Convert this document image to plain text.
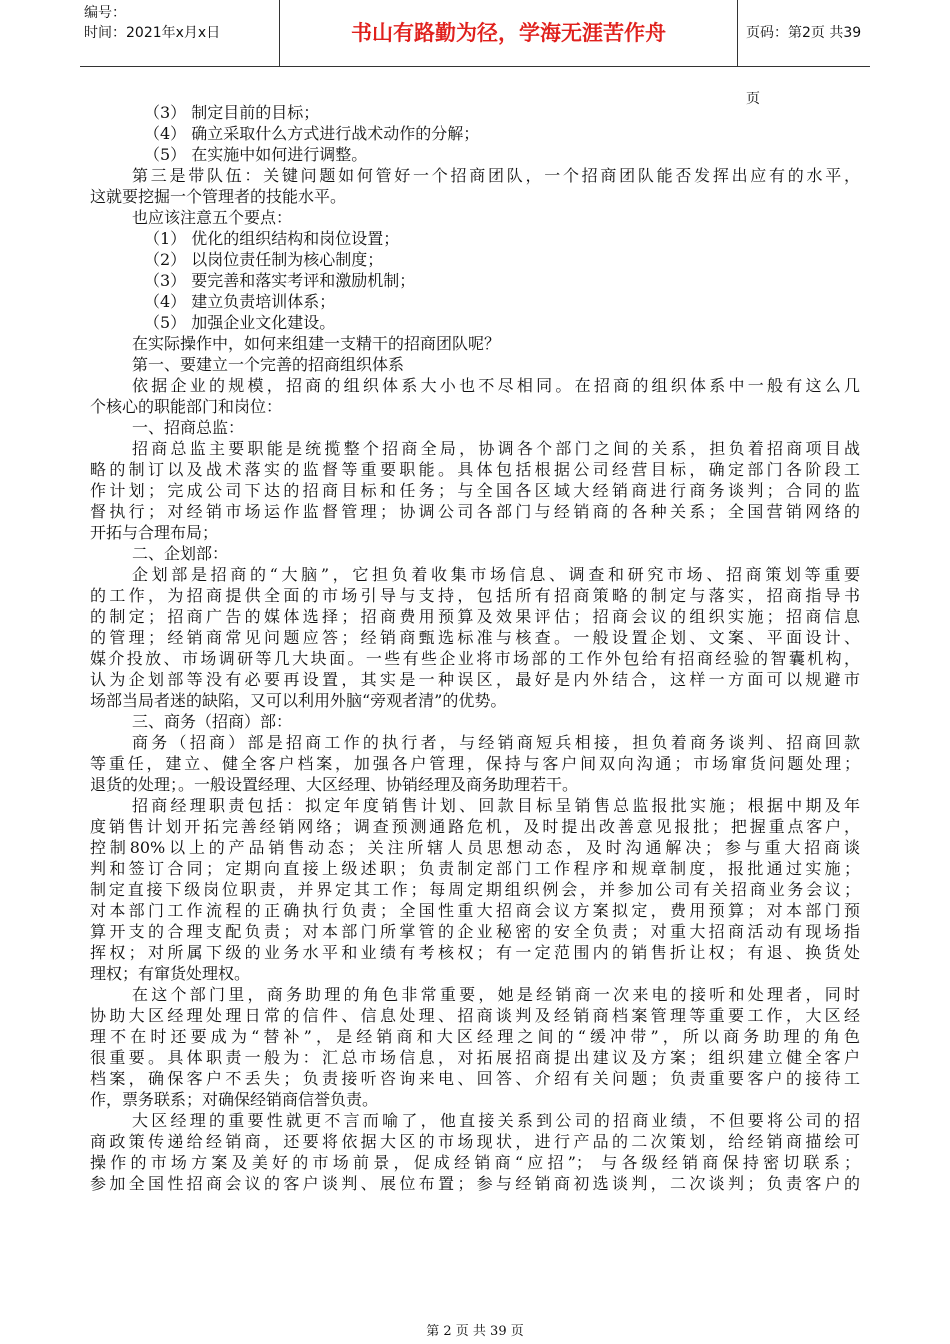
编号：
时间：2021年x月x日	书山有路勤为径，学海无涯苦作舟	页码：第2页 共39页
（3） 制定目前的目标；
（4） 确立采取什么方式进行战术动作的分解；
（5） 在实施中如何进行调整。
第三是带队伍：关键问题如何管好一个招商团队，一个招商团队能否发挥出应有的水平，
这就要挖掘一个管理者的技能水平。
也应该注意五个要点：
（1） 优化的组织结构和岗位设置；
（2） 以岗位责任制为核心制度；
（3） 要完善和落实考评和激励机制；
（4） 建立负责培训体系；
（5） 加强企业文化建设。
在实际操作中，如何来组建一支精干的招商团队呢？
第一、要建立一个完善的招商组织体系
依据企业的规模，招商的组织体系大小也不尽相同。在招商的组织体系中一般有这么几
个核心的职能部门和岗位：
一、招商总监：
招商总监主要职能是统揽整个招商全局，协调各个部门之间的关系，担负着招商项目战
略的制订以及战术落实的监督等重要职能。具体包括根据公司经营目标，确定部门各阶段工
作计划；完成公司下达的招商目标和任务；与全国各区域大经销商进行商务谈判；合同的监
督执行；对经销市场运作监督管理；协调公司各部门与经销商的各种关系；全国营销网络的
开拓与合理布局；
二、企划部：
企划部是招商的“大脑”，它担负着收集市场信息、调查和研究市场、招商策划等重要
的工作，为招商提供全面的市场引导与支持，包括所有招商策略的制定与落实，招商指导书
的制定；招商广告的媒体选择；招商费用预算及效果评估；招商会议的组织实施；招商信息
的管理；经销商常见问题应答；经销商甄选标准与核查。一般设置企划、文案、平面设计、
媒介投放、市场调研等几大块面。一些有些企业将市场部的工作外包给有招商经验的智囊机构，
认为企划部等没有必要再设置，其实是一种误区，最好是内外结合，这样一方面可以规避市
场部当局者迷的缺陷，又可以利用外脑“旁观者清”的优势。
三、商务（招商）部：
商务（招商）部是招商工作的执行者，与经销商短兵相接，担负着商务谈判、招商回款
等重任，建立、健全客户档案，加强各户管理，保持与客户间双向沟通；市场窜货问题处理；
退货的处理；。一般设置经理、大区经理、协销经理及商务助理若干。
招商经理职责包括：拟定年度销售计划、回款目标呈销售总监报批实施；根据中期及年
度销售计划开拓完善经销网络；调查预测通路危机，及时提出改善意见报批；把握重点客户，
控制80%以上的产品销售动态；关注所辖人员思想动态，及时沟通解决；参与重大招商谈
判和签订合同；定期向直接上级述职；负责制定部门工作程序和规章制度，报批通过实施；
制定直接下级岗位职责，并界定其工作；每周定期组织例会，并参加公司有关招商业务会议；
对本部门工作流程的正确执行负责；全国性重大招商会议方案拟定，费用预算；对本部门预
算开支的合理支配负责；对本部门所掌管的企业秘密的安全负责；对重大招商活动有现场指
挥权；对所属下级的业务水平和业绩有考核权；有一定范围内的销售折让权；有退、换货处
理权；有窜货处理权。
在这个部门里，商务助理的角色非常重要，她是经销商一次来电的接听和处理者，同时
协助大区经理处理日常的信件、信息处理、招商谈判及经销商档案管理等重要工作，大区经
理不在时还要成为“替补”，是经销商和大区经理之间的“缓冲带”，所以商务助理的角色
很重要。具体职责一般为：汇总市场信息，对拓展招商提出建议及方案；组织建立健全客户
档案，确保客户不丢失；负责接听咨询来电、回答、介绍有关问题；负责重要客户的接待工
作，票务联系；对确保经销商信誉负责。
大区经理的重要性就更不言而喻了，他直接关系到公司的招商业绩，不但要将公司的招
商政策传递给经销商，还要将依据大区的市场现状，进行产品的二次策划，给经销商描绘可
操作的市场方案及美好的市场前景，促成经销商“应招”； 与各级经销商保持密切联系；
参加全国性招商会议的客户谈判、展位布置；参与经销商初选谈判，二次谈判；负责客户的
第 2 页 共 39 页
